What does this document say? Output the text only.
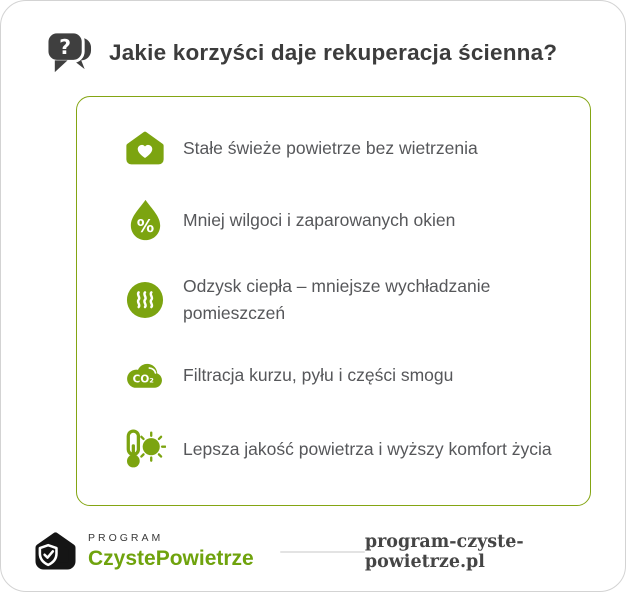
? Jakie korzyści daje rekuperacja ścienna?
Stałe świeże powietrze bez wietrzenia
% Mniej wilgoci i zaparowanych okien
Odzysk ciepła – mniejsze wychładzanie pomieszczeń
CO₂ Filtracja kurzu, pyłu i części smogu
Lepsza jakość powietrza i wyższy komfort życia
PROGRAM
CzystePowietrze
program-czyste-powietrze.pl
